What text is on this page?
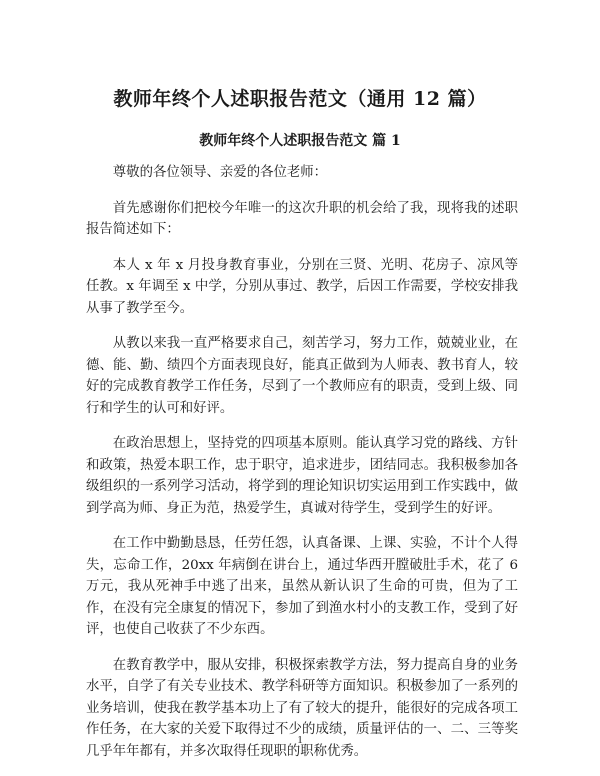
教师年终个人述职报告范文（通用 12 篇）
教师年终个人述职报告范文 篇 1

尊敬的各位领导、亲爱的各位老师：

首先感谢你们把校今年唯一的这次升职的机会给了我，现将我的述职报告简述如下：

本人 x 年 x 月投身教育事业，分别在三贤、光明、花房子、凉风等任教。x 年调至 x 中学，分别从事过、教学，后因工作需要，学校安排我从事了教学至今。

从教以来我一直严格要求自己，刻苦学习，努力工作，兢兢业业，在德、能、勤、绩四个方面表现良好，能真正做到为人师表、教书育人，较好的完成教育教学工作任务，尽到了一个教师应有的职责，受到上级、同行和学生的认可和好评。

在政治思想上，坚持党的四项基本原则。能认真学习党的路线、方针和政策，热爱本职工作，忠于职守，追求进步，团结同志。我积极参加各级组织的一系列学习活动，将学到的理论知识切实运用到工作实践中，做到学高为师、身正为范，热爱学生，真诚对待学生，受到学生的好评。

在工作中勤勤恳恳，任劳任怨，认真备课、上课、实验，不计个人得失，忘命工作，20xx 年病倒在讲台上，通过华西开膛破肚手术，花了 6 万元，我从死神手中逃了出来，虽然从新认识了生命的可贵，但为了工作，在没有完全康复的情况下，参加了到渔水村小的支教工作，受到了好评，也使自己收获了不少东西。

在教育教学中，服从安排，积极探索教学方法，努力提高自身的业务水平，自学了有关专业技术、教学科研等方面知识。积极参加了一系列的业务培训，使我在教学基本功上了有了较大的提升，能很好的完成各项工作任务，在大家的关爱下取得过不少的成绩，质量评估的一、二、三等奖几乎年年都有，并多次取得任现职的职称优秀。

1
